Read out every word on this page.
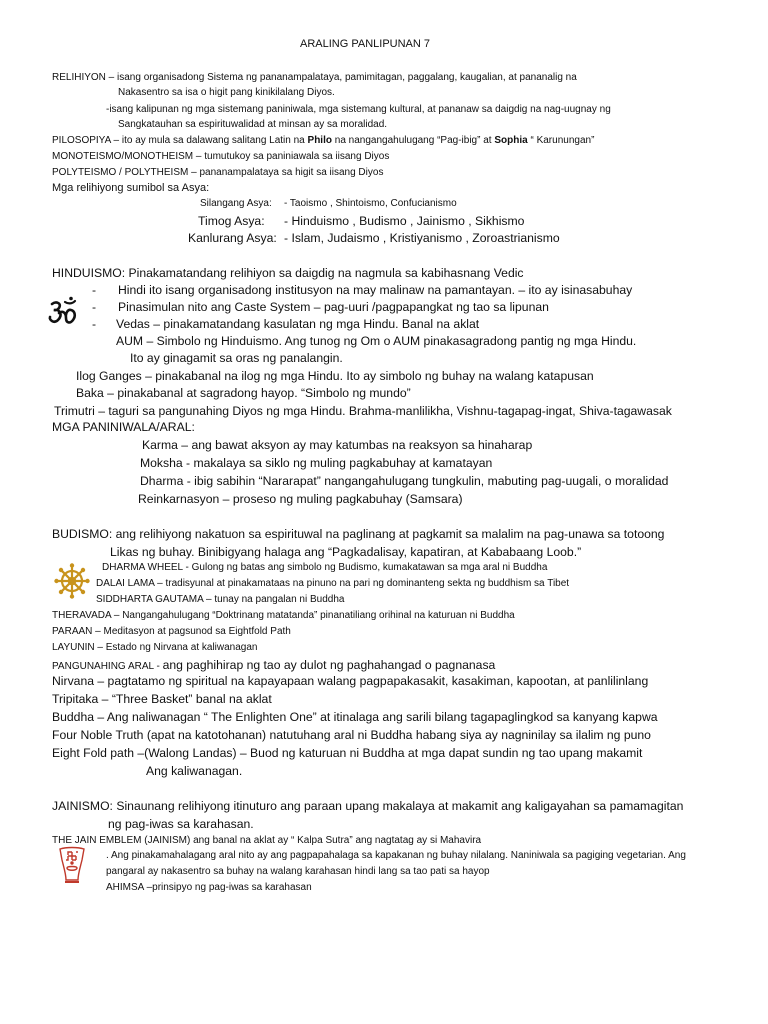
ARALING PANLIPUNAN 7
RELIHIYON – isang organisadong Sistema ng pananampalataya, pamimitagan, paggalang, kaugalian, at pananalig na
Nakasentro sa isa o higit pang kinikilalang Diyos.
-isang kalipunan ng mga sistemang paniniwala, mga sistemang kultural, at pananaw sa daigdig na nag-uugnay ng
Sangkatauhan sa espirituwalidad at minsan ay sa moralidad.
PILOSOPIYA – ito ay mula sa dalawang salitang Latin na Philo na nangangahulugang “Pag-ibig” at Sophia “ Karunungan”
MONOTEISMO/MONOTHEISM – tumutukoy sa paniniawala sa iisang Diyos
POLYTEISMO / POLYTHEISM – pananampalataya sa higit sa iisang Diyos
Mga relihiyong sumibol sa Asya:
Silangang Asya: - Taoismo , Shintoismo, Confucianismo
Timog Asya: - Hinduismo , Budismo , Jainismo , Sikhismo
Kanlurang Asya: - Islam, Judaismo , Kristiyanismo , Zoroastrianismo
HINDUISMO: Pinakamatandang relihiyon sa daigdig na nagmula sa kabihasnang Vedic
- Hindi ito isang organisadong institusyon na may malinaw na pamantayan. – ito ay isinasabuhay
- Pinasimulan nito ang Caste System – pag-uuri /pagpapangkat ng tao sa lipunan
- Vedas – pinakamatandang kasulatan ng mga Hindu. Banal na aklat
AUM – Simbolo ng Hinduismo. Ang tunog ng Om o AUM pinakasagradong pantig ng mga Hindu.
Ito ay ginagamit sa oras ng panalangin.
Ilog Ganges – pinakabanal na ilog ng mga Hindu. Ito ay simbolo ng buhay na walang katapusan
Baka – pinakabanal at sagradong hayop. “Simbolo ng mundo”
Trimutri – taguri sa pangunahing Diyos ng mga Hindu. Brahma-manlilikha, Vishnu-tagapag-ingat, Shiva-tagawasak
MGA PANINIWALA/ARAL:
Karma – ang bawat aksyon ay may katumbas na reaksyon sa hinaharap
Moksha - makalaya sa siklo ng muling pagkabuhay at kamatayan
Dharma - ibig sabihin “Nararapat” nangangahulugang tungkulin, mabuting pag-uugali, o moralidad
Reinkarnasyon – proseso ng muling pagkabuhay (Samsara)
BUDISMO: ang relihiyong nakatuon sa espirituwal na paglinang at pagkamit sa malalim na pag-unawa sa totoong
Likas ng buhay. Binibigyang halaga ang “Pagkadalisay, kapatiran, at Kababaang Loob.”
DHARMA WHEEL - Gulong ng batas ang simbolo ng Budismo, kumakatawan sa mga aral ni Buddha
DALAI LAMA – tradisyunal at pinakamataas na pinuno na pari ng dominanteng sekta ng buddhism sa Tibet
SIDDHARTA GAUTAMA – tunay na pangalan ni Buddha
THERAVADA – Nangangahulugang “Doktrinang matatanda” pinanatiliang orihinal na katuruan ni Buddha
PARAAN – Meditasyon at pagsunod sa Eightfold Path
LAYUNIN – Estado ng Nirvana at kaliwanagan
PANGUNAHING ARAL - ang paghihirap ng tao ay dulot ng paghahangad o pagnanasa
Nirvana – pagtatamo ng spiritual na kapayapaan walang pagpapakasakit, kasakiman, kapootan, at panlilinlang
Tripitaka – “Three Basket” banal na aklat
Buddha – Ang naliwanagan “ The Enlighten One” at itinalaga ang sarili bilang tagapaglingkod sa kanyang kapwa
Four Noble Truth (apat na katotohanan) natutuhang aral ni Buddha habang siya ay nagninilay sa ilalim ng puno
Eight Fold path –(Walong Landas) – Buod ng katuruan ni Buddha at mga dapat sundin ng tao upang makamit
Ang kaliwanagan.
JAINISMO: Sinaunang relihiyong itinuturo ang paraan upang makalaya at makamit ang kaligayahan sa pamamagitan
ng pag-iwas sa karahasan.
THE JAIN EMBLEM (JAINISM) ang banal na aklat ay “ Kalpa Sutra” ang nagtatag ay si Mahavira
. Ang pinakamahalagang aral nito ay ang pagpapahalaga sa kapakanan ng buhay nilalang. Naniniwala sa pagiging vegetarian. Ang
pangaral ay nakasentro sa buhay na walang karahasan hindi lang sa tao pati sa hayop
AHIMSA –prinsipyo ng pag-iwas sa karahasan
